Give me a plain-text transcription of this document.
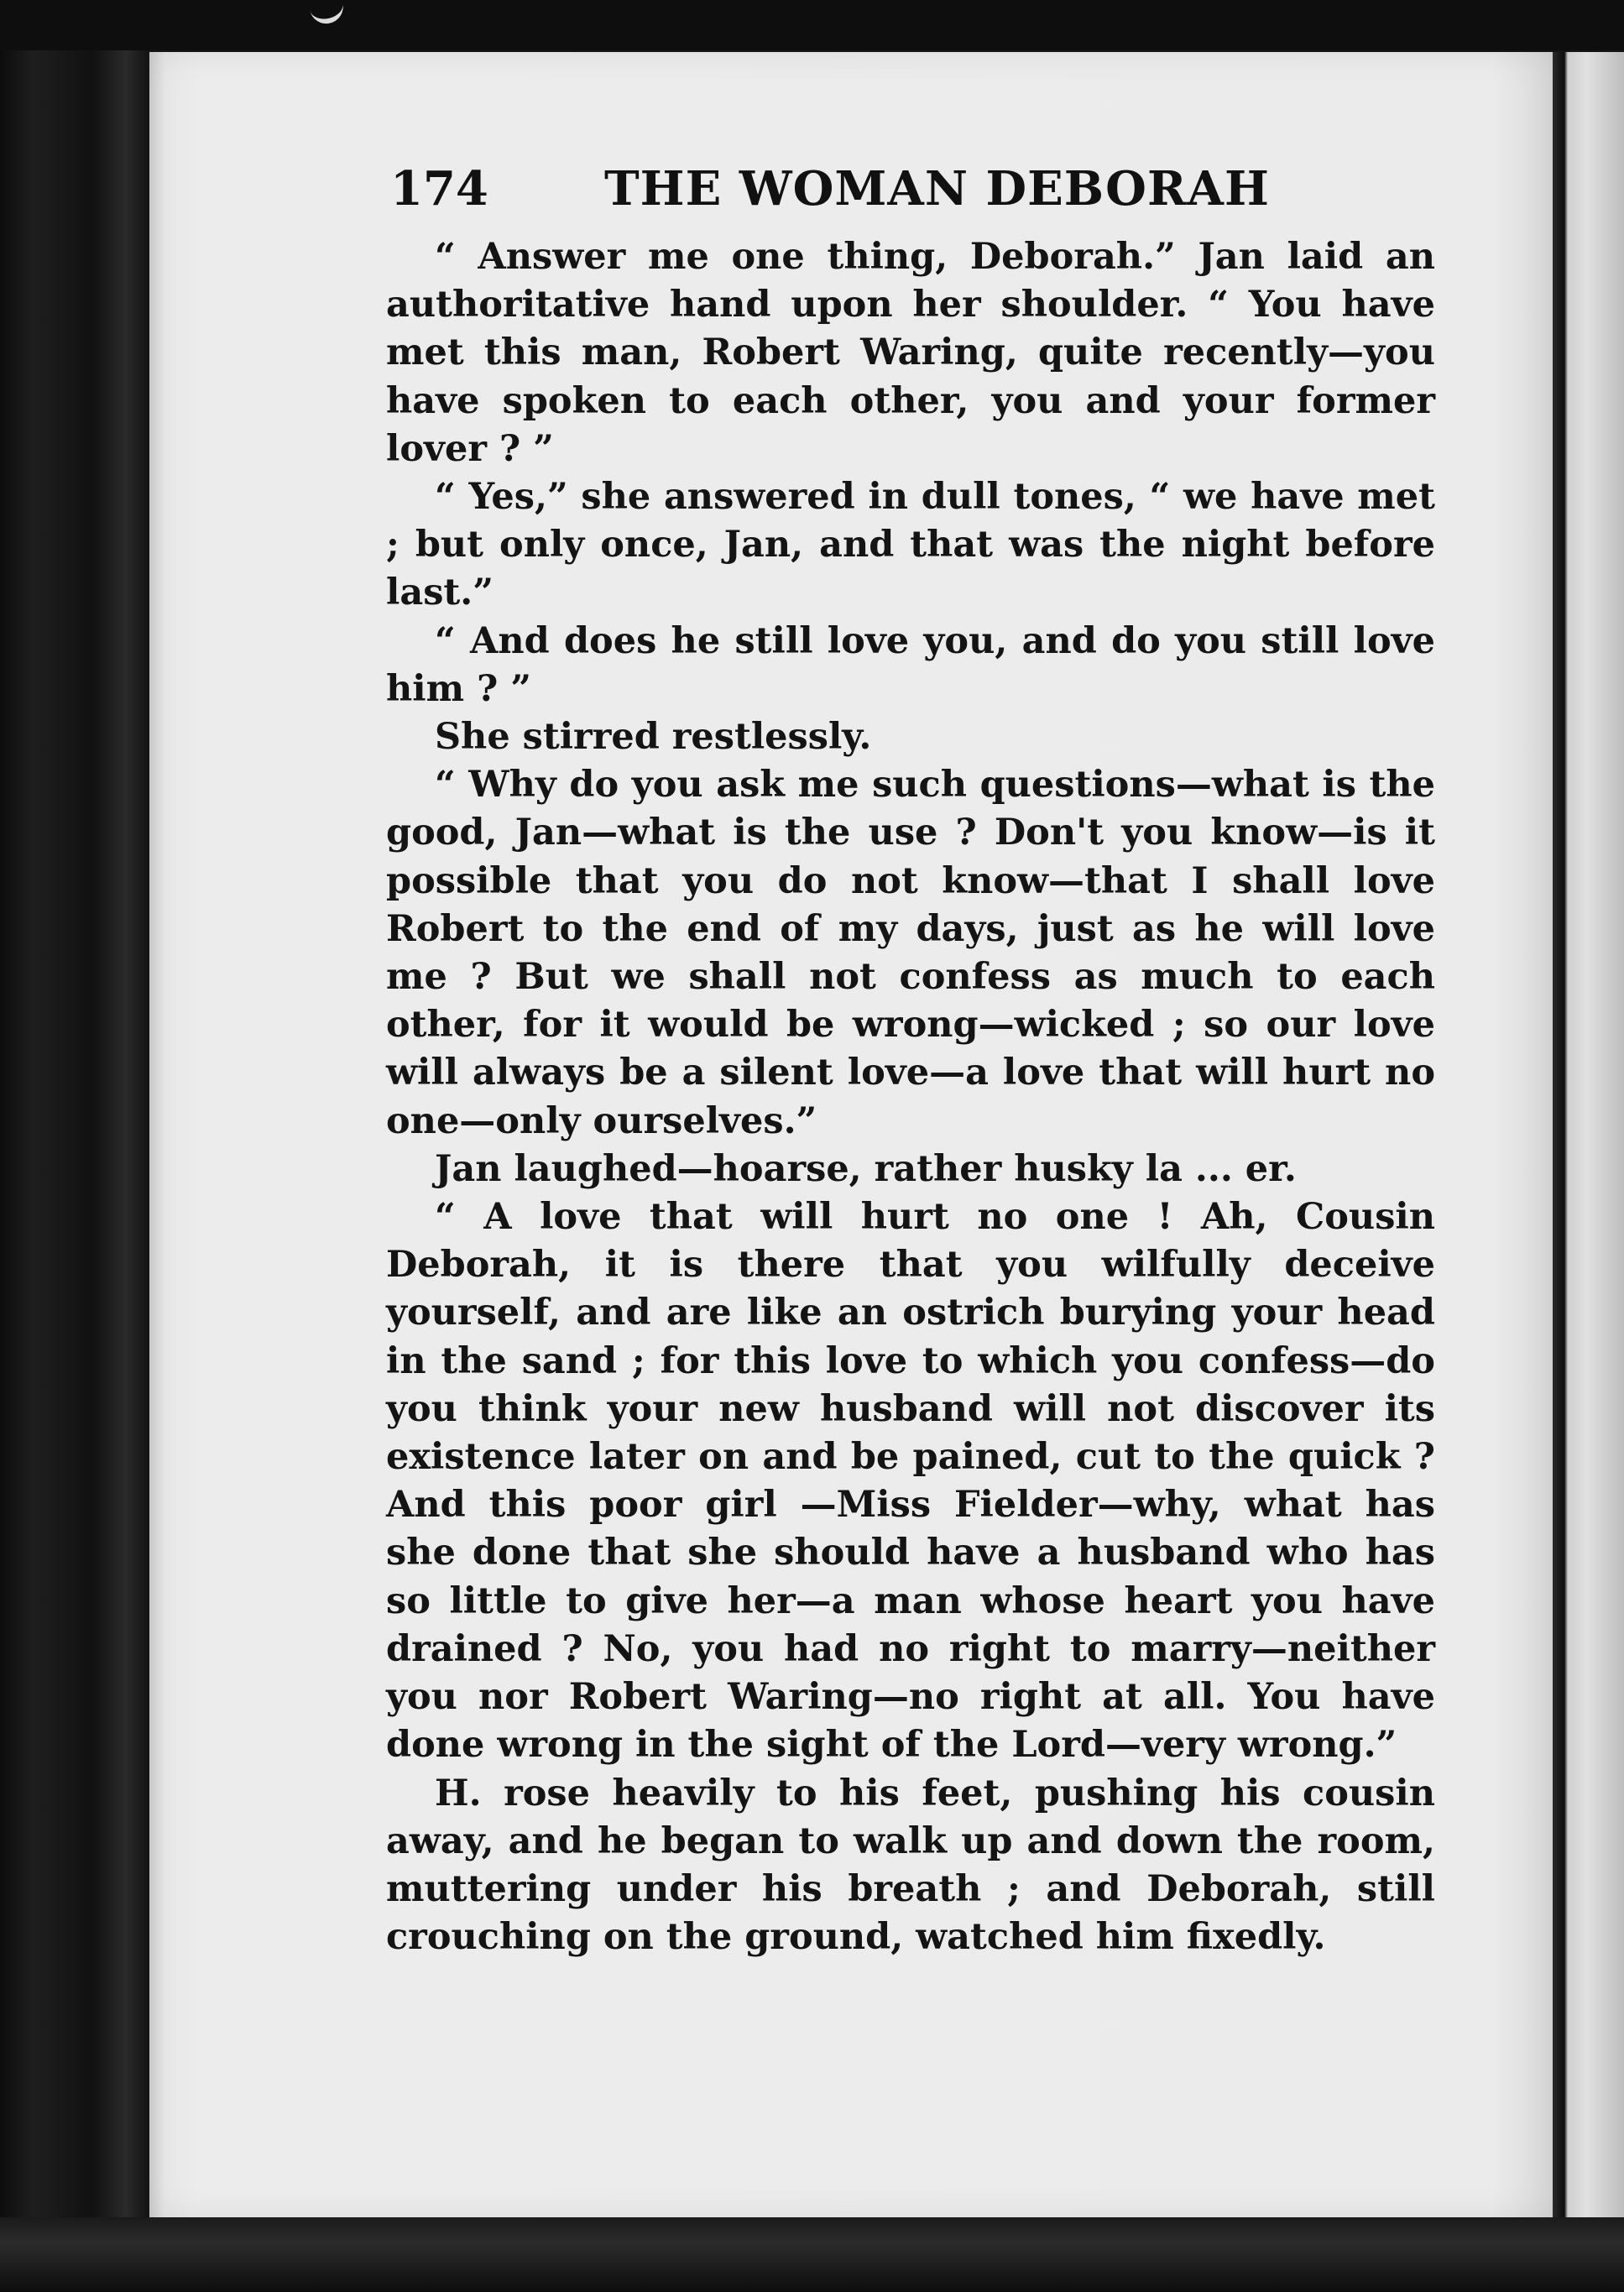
174 THE WOMAN DEBORAH

“ Answer me one thing, Deborah.” Jan laid an authoritative hand upon her shoulder. “ You have met this man, Robert Waring, quite recently—you have spoken to each other, you and your former lover ? ”

“ Yes,” she answered in dull tones, “ we have met ; but only once, Jan, and that was the night before last.”

“ And does he still love you, and do you still love him ? ”

She stirred restlessly.

“ Why do you ask me such questions—what is the good, Jan—what is the use ? Don't you know—is it possible that you do not know—that I shall love Robert to the end of my days, just as he will love me ? But we shall not confess as much to each other, for it would be wrong—wicked ; so our love will always be a silent love—a love that will hurt no one—only ourselves.”

Jan laughed—hoarse, rather husky la ... er.

“ A love that will hurt no one ! Ah, Cousin Deborah, it is there that you wilfully deceive yourself, and are like an ostrich burying your head in the sand ; for this love to which you confess—do you think your new husband will not discover its existence later on and be pained, cut to the quick ? And this poor girl —Miss Fielder—why, what has she done that she should have a husband who has so little to give her—a man whose heart you have drained ? No, you had no right to marry—neither you nor Robert Waring—no right at all. You have done wrong in the sight of the Lord—very wrong.”

H. rose heavily to his feet, pushing his cousin away, and he began to walk up and down the room, muttering under his breath ; and Deborah, still crouching on the ground, watched him fixedly.
